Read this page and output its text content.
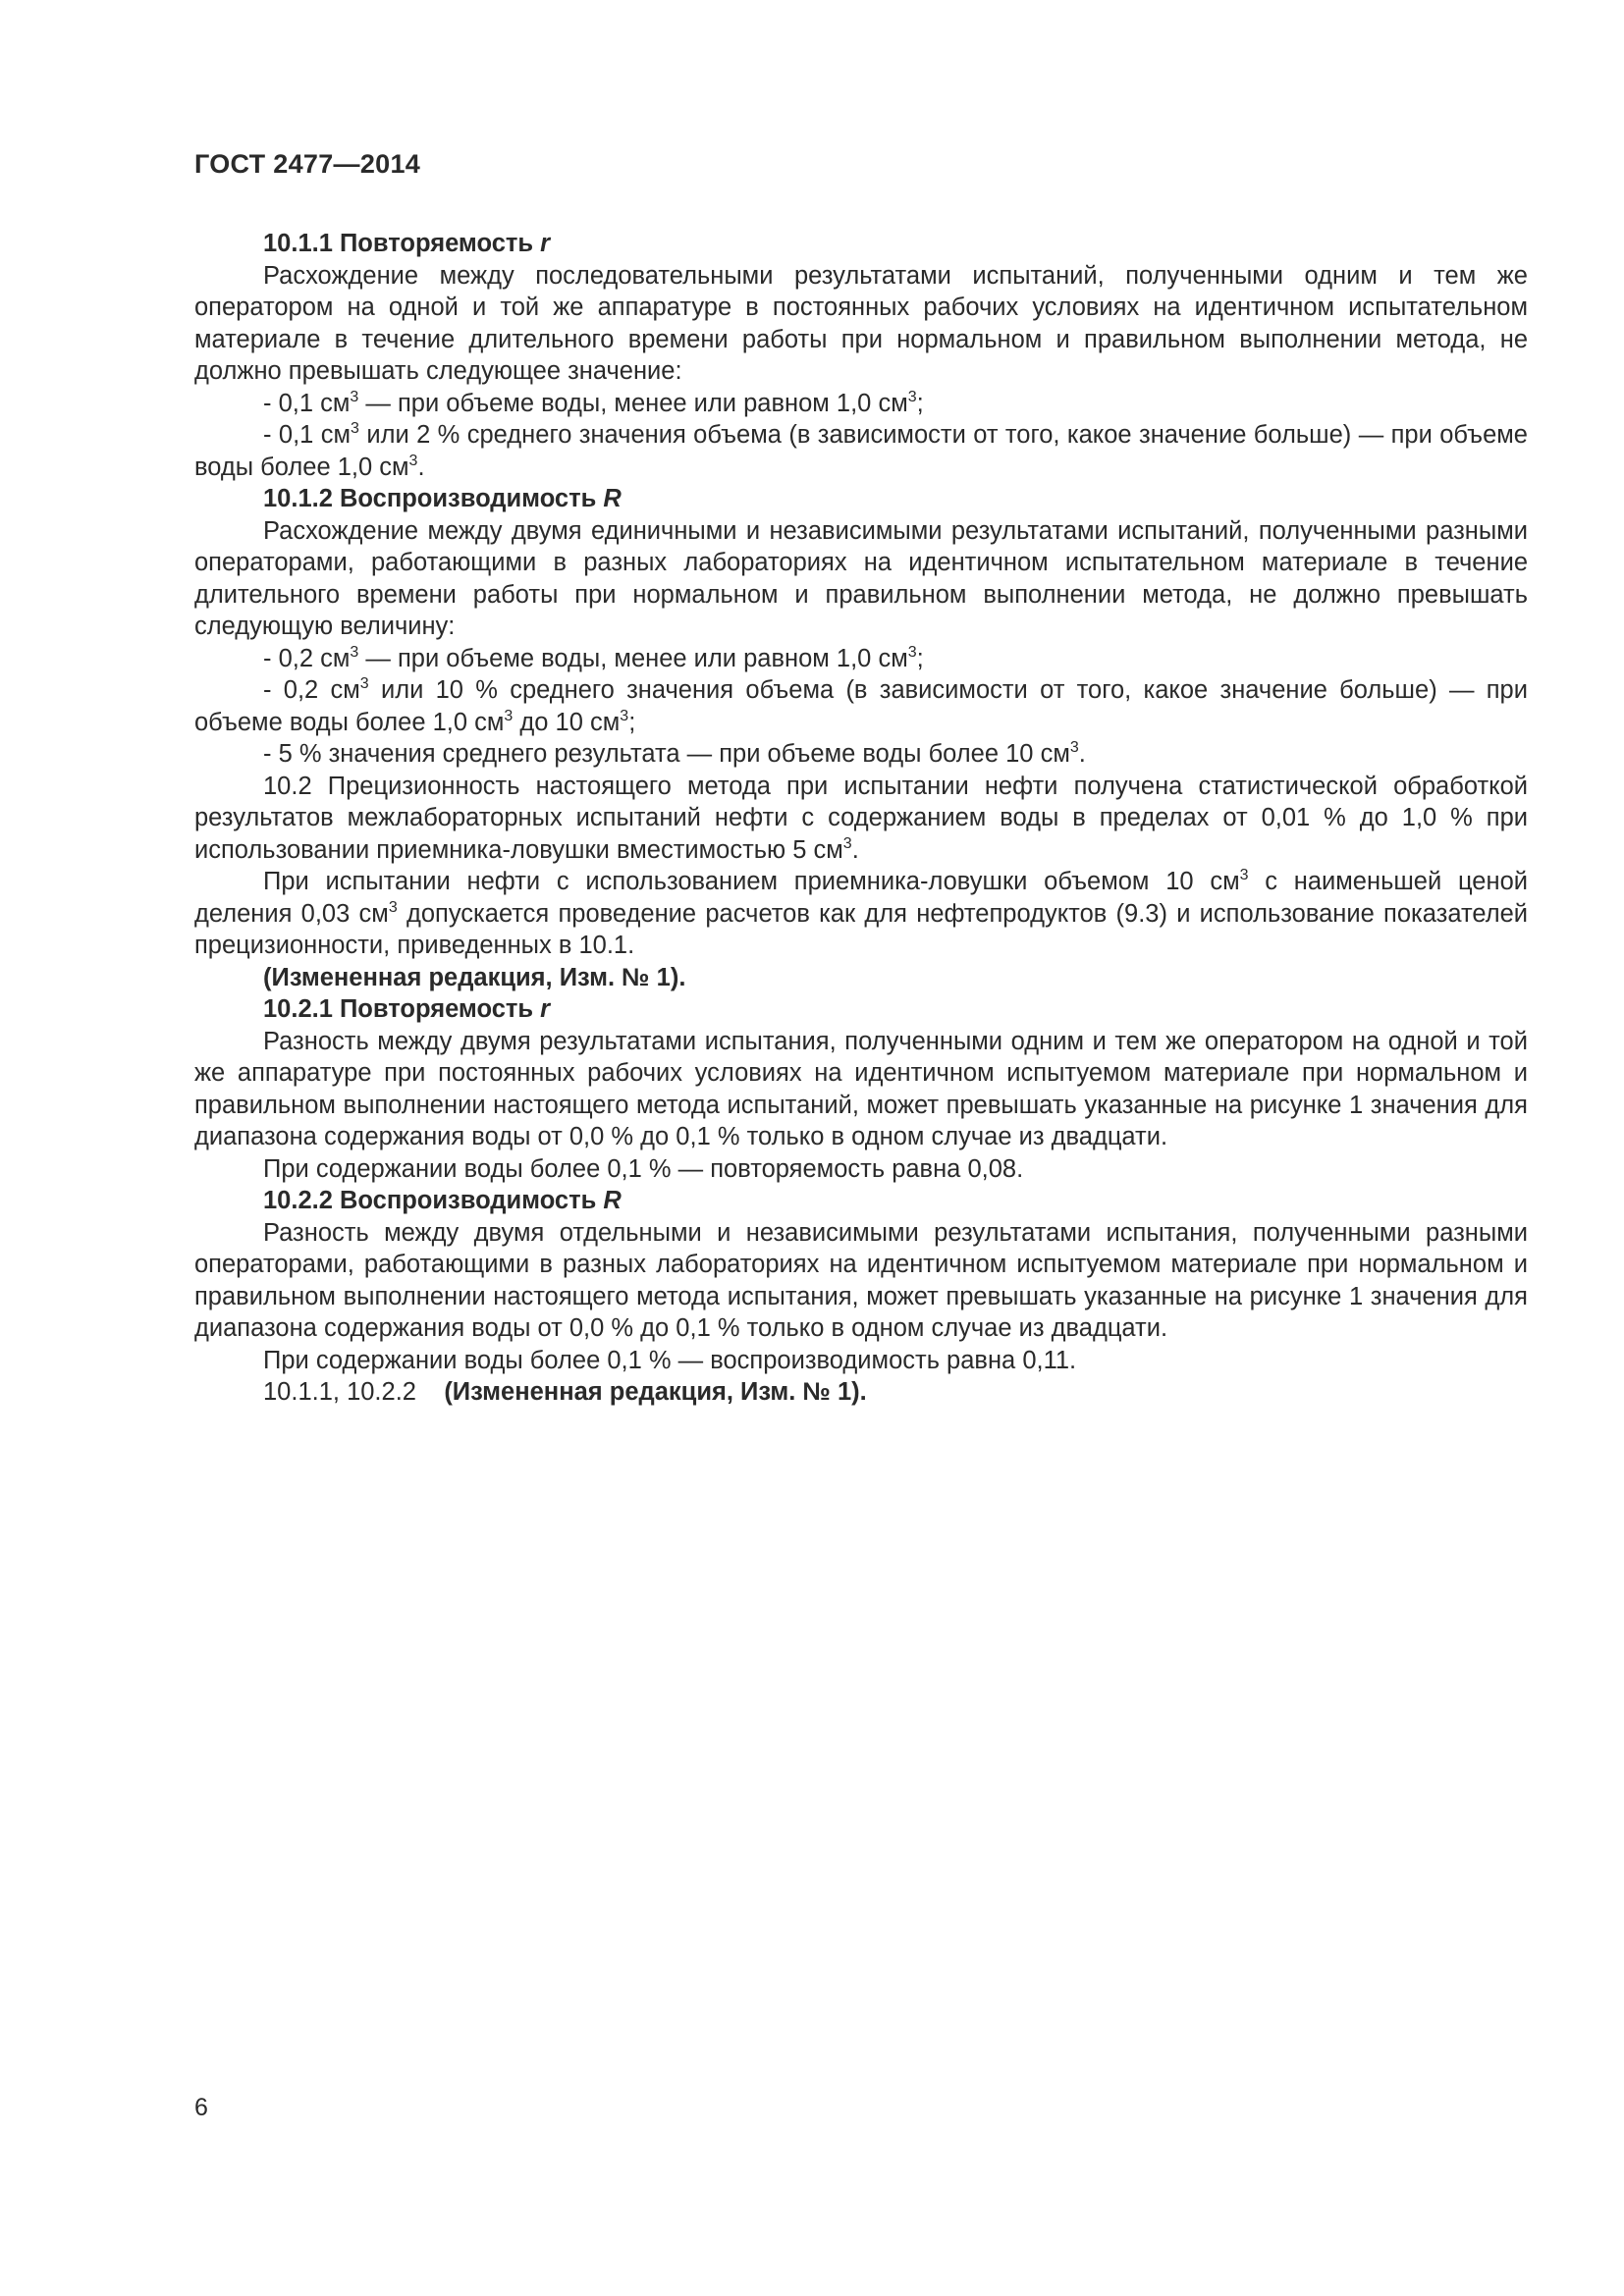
ГОСТ 2477—2014

10.1.1 Повторяемость r

Расхождение между последовательными результатами испытаний, полученными одним и тем же оператором на одной и той же аппаратуре в постоянных рабочих условиях на идентичном испытательном материале в течение длительного времени работы при нормальном и правильном выполнении метода, не должно превышать следующее значение:

- 0,1 $см^3$ — при объеме воды, менее или равном 1,0 $см^3$;

- 0,1 $см^3$ или 2 % среднего значения объема (в зависимости от того, какое значение больше) — при объеме воды более 1,0 $см^3$.

10.1.2 Воспроизводимость R

Расхождение между двумя единичными и независимыми результатами испытаний, полученными разными операторами, работающими в разных лабораториях на идентичном испытательном материале в течение длительного времени работы при нормальном и правильном выполнении метода, не должно превышать следующую величину:

- 0,2 $см^3$ — при объеме воды, менее или равном 1,0 $см^3$;

- 0,2 $см^3$ или 10 % среднего значения объема (в зависимости от того, какое значение больше) — при объеме воды более 1,0 $см^3$ до 10 $см^3$;

- 5 % значения среднего результата — при объеме воды более 10 $см^3$.

10.2 Прецизионность настоящего метода при испытании нефти получена статистической обработкой результатов межлабораторных испытаний нефти с содержанием воды в пределах от 0,01 % до 1,0 % при использовании приемника-ловушки вместимостью 5 $см^3$.

При испытании нефти с использованием приемника-ловушки объемом 10 $см^3$ с наименьшей ценой деления 0,03 $см^3$ допускается проведение расчетов как для нефтепродуктов (9.3) и использование показателей прецизионности, приведенных в 10.1.

(Измененная редакция, Изм. № 1).

10.2.1 Повторяемость r

Разность между двумя результатами испытания, полученными одним и тем же оператором на одной и той же аппаратуре при постоянных рабочих условиях на идентичном испытуемом материале при нормальном и правильном выполнении настоящего метода испытаний, может превышать указанные на рисунке 1 значения для диапазона содержания воды от 0,0 % до 0,1 % только в одном случае из двадцати.

При содержании воды более 0,1 % — повторяемость равна 0,08.

10.2.2 Воспроизводимость R

Разность между двумя отдельными и независимыми результатами испытания, полученными разными операторами, работающими в разных лабораториях на идентичном испытуемом материале при нормальном и правильном выполнении настоящего метода испытания, может превышать указанные на рисунке 1 значения для диапазона содержания воды от 0,0 % до 0,1 % только в одном случае из двадцати.

При содержании воды более 0,1 % — воспроизводимость равна 0,11.

10.1.1, 10.2.2 (Измененная редакция, Изм. № 1).

6
